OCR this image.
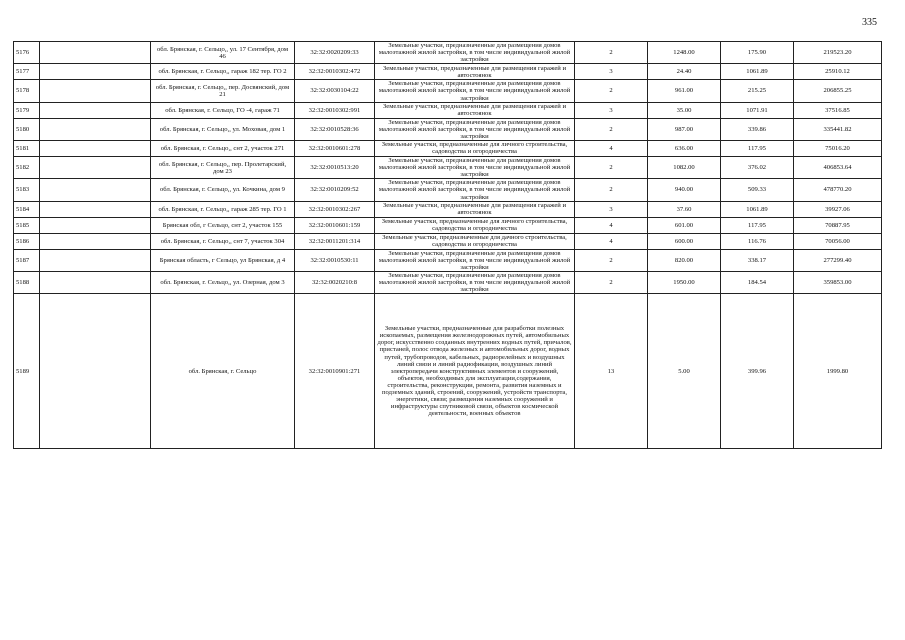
335
5176		обл. Брянская, г. Сельцо,, ул. 17 Сентября, дом 46	32:32:0020209:33	Земельные участки, предназначенные для размещения домов малоэтажной жилой застройки, в том числе индивидуальной жилой застройки	2	1248.00	175.90	219523.20
5177		обл. Брянская, г. Сельцо,, гараж 182 тер. ГО 2	32:32:0010302:472	Земельные участки, предназначенные для размещения гаражей и автостоянок	3	24.40	1061.89	25910.12
5178		обл. Брянская, г. Сельцо,, пер. Досвянский, дом 21	32:32:0030104:22	Земельные участки, предназначенные для размещения домов малоэтажной жилой застройки, в том числе индивидуальной жилой застройки	2	961.00	215.25	206855.25
5179		обл. Брянская, г. Сельцо, ГО -4, гараж 71	32:32:0010302:991	Земельные участки, предназначенные для размещения гаражей и автостоянок	3	35.00	1071.91	37516.85
5180		обл. Брянская, г. Сельцо,, ул. Моховая, дом 1	32:32:0010528:36	Земельные участки, предназначенные для размещения домов малоэтажной жилой застройки, в том числе индивидуальной жилой застройки	2	987.00	339.86	335441.82
5181		обл. Брянская, г. Сельцо,, снт 2, участок 271	32:32:0010601:278	Земельные участки, предназначенные для личного строительства, садоводства и огородничества	4	636.00	117.95	75016.20
5182		обл. Брянская, г. Сельцо,, пер. Пролетарский, дом 23	32:32:0010513:20	Земельные участки, предназначенные для размещения домов малоэтажной жилой застройки, в том числе индивидуальной жилой застройки	2	1082.00	376.02	406853.64
5183		обл. Брянская, г. Сельцо,, ул. Кочкина, дом 9	32:32:0010209:52	Земельные участки, предназначенные для размещения домов малоэтажной жилой застройки, в том числе индивидуальной жилой застройки	2	940.00	509.33	478770.20
5184		обл. Брянская, г. Сельцо,, гараж 285 тер. ГО 1	32:32:0010302:267	Земельные участки, предназначенные для размещения гаражей и автостоянок	3	37.60	1061.89	39927.06
5185		Брянская обл, г Сельцо, снт 2, участок 155	32:32:0010601:159	Земельные участки, предназначенные для личного строительства, садоводства и огородничества	4	601.00	117.95	70887.95
5186		обл. Брянская, г. Сельцо,, снт 7, участок 304	32:32:0011201:314	Земельные участки, предназначенные для дачного строительства, садоводства и огородничества	4	600.00	116.76	70056.00
5187		Брянская область, г Сельцо, ул Брянская, д 4	32:32:0010530:11	Земельные участки, предназначенные для размещения домов малоэтажной жилой застройки, в том числе индивидуальной жилой застройки	2	820.00	338.17	277299.40
5188		обл. Брянская, г. Сельцо,, ул. Озерная, дом 3	32:32:0020210:8	Земельные участки, предназначенные для размещения домов малоэтажной жилой застройки, в том числе индивидуальной жилой застройки	2	1950.00	184.54	359853.00
5189		обл. Брянская, г. Сельцо	32:32:0010901:271	Земельные участки, предназначенные для разработки полезных ископаемых, размещения железнодорожных путей, автомобильных дорог, искусственно созданных внутренних водных путей, причалов, пристаней, полос отвода железных и автомобильных дорог, водных путей, трубопроводов, кабельных, радиорелейных и воздушных линий связи и линий радиофикации, воздушных линий электропередачи конструктивных элементов и сооружений, объектов, необходимых для эксплуатации,содержания, строительства, реконструкции, ремонта, развития наземных и подземных зданий, строений, сооружений, устройств транспорта, энергетики, связи; размещения наземных сооружений и инфраструктуры спутниковой связи, объектов космической деятельности, военных объектов	13	5.00	399.96	1999.80
